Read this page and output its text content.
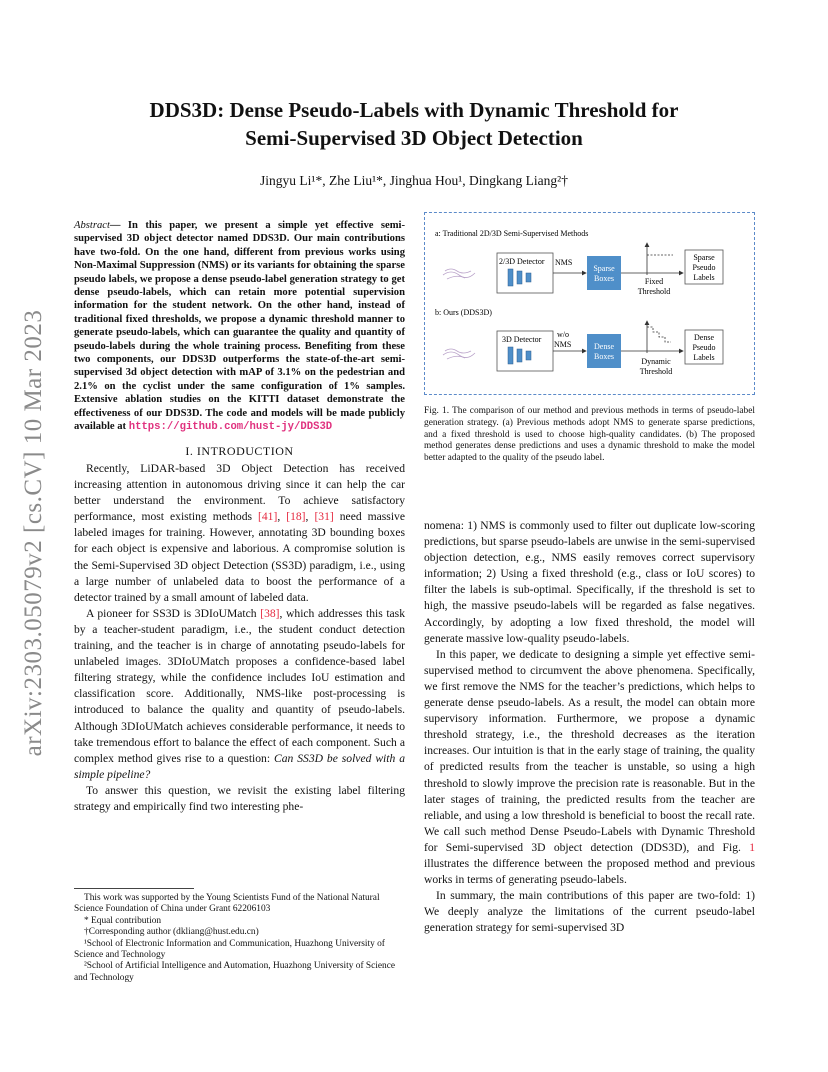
arXiv:2303.05079v2 [cs.CV] 10 Mar 2023
DDS3D: Dense Pseudo-Labels with Dynamic Threshold for
Semi-Supervised 3D Object Detection
Jingyu Li¹*, Zhe Liu¹*, Jinghua Hou¹, Dingkang Liang²†
Abstract— In this paper, we present a simple yet effective semi-supervised 3D object detector named DDS3D. Our main contributions have two-fold. On the one hand, different from previous works using Non-Maximal Suppression (NMS) or its variants for obtaining the sparse pseudo labels, we propose a dense pseudo-label generation strategy to get dense pseudo-labels, which can retain more potential supervision information for the student network. On the other hand, instead of traditional fixed thresholds, we propose a dynamic threshold manner to generate pseudo-labels, which can guarantee the quality and quantity of pseudo-labels during the whole training process. Benefiting from these two components, our DDS3D outperforms the state-of-the-art semi-supervised 3d object detection with mAP of 3.1% on the pedestrian and 2.1% on the cyclist under the same configuration of 1% samples. Extensive ablation studies on the KITTI dataset demonstrate the effectiveness of our DDS3D. The code and models will be made publicly available at https://github.com/hust-jy/DDS3D
I. INTRODUCTION

Recently, LiDAR-based 3D Object Detection has received increasing attention in autonomous driving since it can help the car better understand the environment. To achieve satisfactory performance, most existing methods [41], [18], [31] need massive labeled images for training. However, annotating 3D bounding boxes for each object is expensive and laborious. A compromise solution is the Semi-Supervised 3D object Detection (SS3D) paradigm, i.e., using a large number of unlabeled data to boost the performance of a detector trained by a small amount of labeled data.

A pioneer for SS3D is 3DIoUMatch [38], which addresses this task by a teacher-student paradigm, i.e., the student conduct detection training, and the teacher is in charge of annotating pseudo-labels for unlabeled images. 3DIoUMatch proposes a confidence-based label filtering strategy, while the confidence includes IoU estimation and classification score. Additionally, NMS-like post-processing is introduced to balance the quality and quantity of pseudo-labels. Although 3DIoUMatch achieves considerable performance, it needs to take tremendous effort to balance the effect of each component. Such a complex method gives rise to a question: Can SS3D be solved with a simple pipeline?

To answer this question, we revisit the existing label filtering strategy and empirically find two interesting phe-

This work was supported by the Young Scientists Fund of the National Natural Science Foundation of China under Grant 62206103
* Equal contribution
†Corresponding author (dkliang@hust.edu.cn)
¹School of Electronic Information and Communication, Huazhong University of Science and Technology
²School of Artificial Intelligence and Automation, Huazhong University of Science and Technology
a: Traditional 2D/3D Semi-Supervised Methods
2/3D Detector NMS
Sparse
Boxes	Fixed
Threshold
Sparse
Pseudo
Labels
b: Ours (DDS3D)
3D Detector
w/o
NMS	Dense
Boxes
Dynamic
Threshold
Dense
Pseudo
Labels
Fig. 1. The comparison of our method and previous methods in terms of pseudo-label generation strategy. (a) Previous methods adopt NMS to generate sparse predictions, and a fixed threshold is used to choose high-quality candidates. (b) The proposed method generates dense predictions and uses a dynamic threshold to make the model better adapted to the quality of the pseudo label.

nomena: 1) NMS is commonly used to filter out duplicate low-scoring predictions, but sparse pseudo-labels are unwise in the semi-supervised objection detection, e.g., NMS easily removes correct supervisory information; 2) Using a fixed threshold (e.g., class or IoU scores) to filter the labels is sub-optimal. Specifically, if the threshold is set to high, the massive pseudo-labels will be regarded as false negatives. Accordingly, by adopting a low fixed threshold, the model will generate massive low-quality pseudo-labels.

In this paper, we dedicate to designing a simple yet effective semi-supervised method to circumvent the above phenomena. Specifically, we first remove the NMS for the teacher’s predictions, which helps to generate dense pseudo-labels. As a result, the model can obtain more supervisory information. Furthermore, we propose a dynamic threshold strategy, i.e., the threshold decreases as the iteration increases. Our intuition is that in the early stage of training, the quality of predicted results from the teacher is unstable, so using a high threshold to slowly improve the precision rate is reasonable. But in the later stages of training, the predicted results from the teacher are reliable, and using a low threshold is beneficial to boost the recall rate. We call such method Dense Pseudo-Labels with Dynamic Threshold for Semi-supervised 3D object detection (DDS3D), and Fig. 1 illustrates the difference between the proposed method and previous works in terms of generating pseudo-labels.

In summary, the main contributions of this paper are two-fold: 1) We deeply analyze the limitations of the current pseudo-label generation strategy for semi-supervised 3D
